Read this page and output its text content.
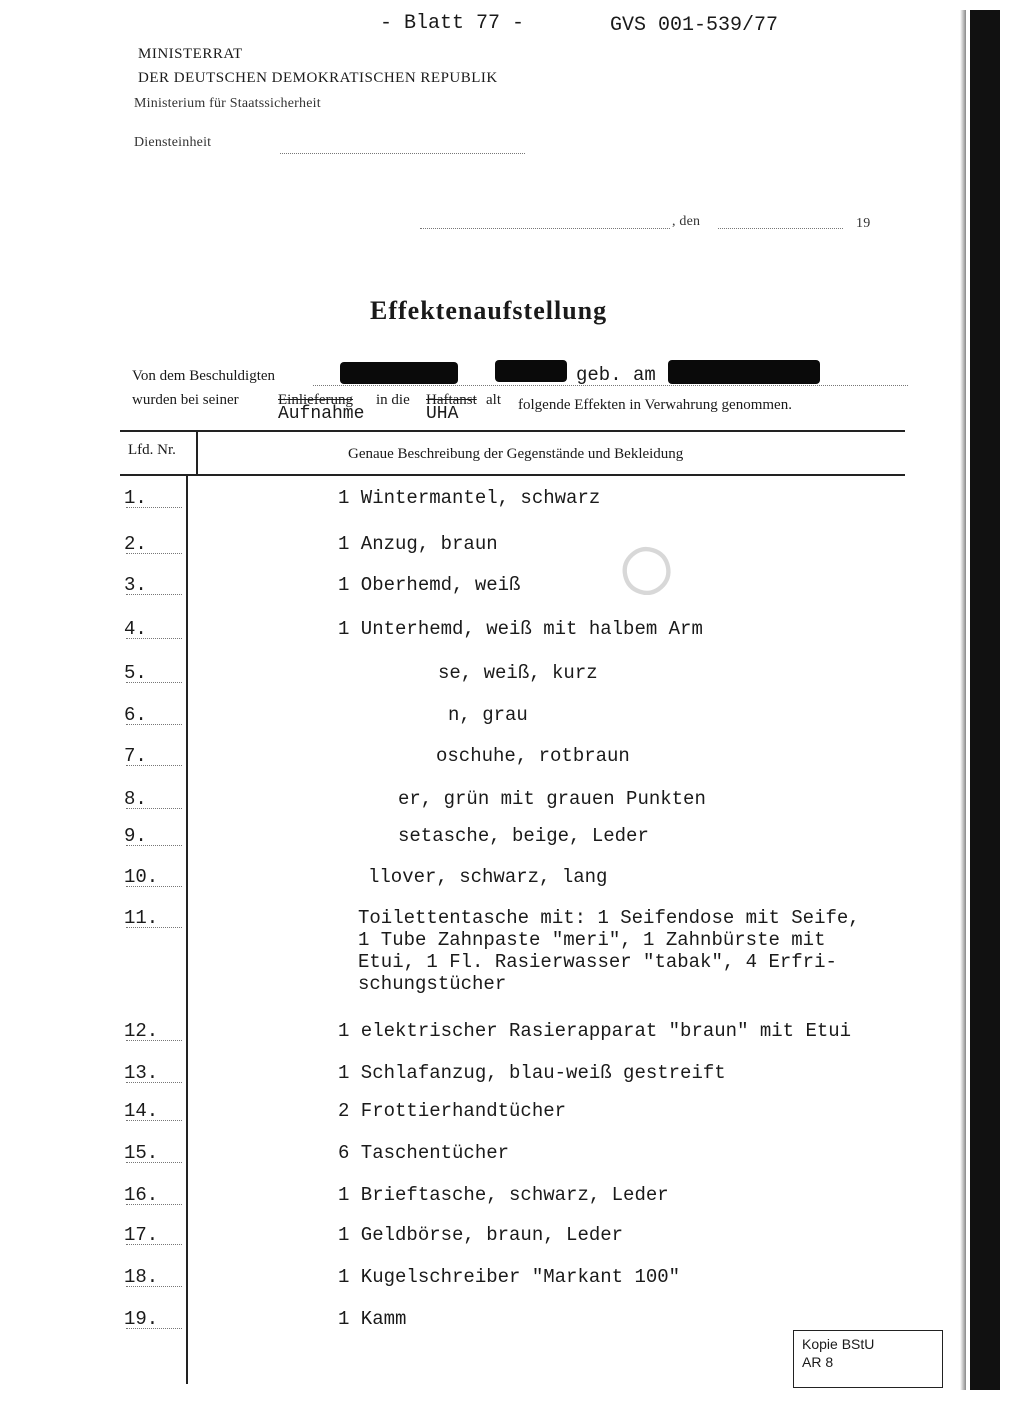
- Blatt 77 -	GVS 001-539/77
MINISTERRAT
DER DEUTSCHEN DEMOKRATISCHEN REPUBLIK
Ministerium für Staatssicherheit
Diensteinheit
, den	19
Effektenaufstellung
Von dem Beschuldigten	geb. am
wurden bei seiner	Einlieferung in die Haftanst alt folgende Effekten in Verwahrung genommen.
Aufnahme	UHA
Lfd. Nr.	Genaue Beschreibung der Gegenstände und Bekleidung
◯
1.	1 Wintermantel, schwarz
2.	1 Anzug, braun
3.	1 Oberhemd, weiß
4.	1 Unterhemd, weiß mit halbem Arm
5.	se, weiß, kurz
6.	n, grau
7.	oschuhe, rotbraun
8.	er, grün mit grauen Punkten
9.	setasche, beige, Leder
10.	llover, schwarz, lang
11.	Toilettentasche mit: 1 Seifendose mit Seife,
1 Tube Zahnpaste "meri", 1 Zahnbürste mit
Etui, 1 Fl. Rasierwasser "tabak", 4 Erfri-
schungstücher
12.	1 elektrischer Rasierapparat "braun" mit Etui
13.	1 Schlafanzug, blau-weiß gestreift
14.	2 Frottierhandtücher
15.	6 Taschentücher
16.	1 Brieftasche, schwarz, Leder
17.	1 Geldbörse, braun, Leder
18.	1 Kugelschreiber "Markant 100"
19.	1 Kamm
Kopie BStU
AR 8
